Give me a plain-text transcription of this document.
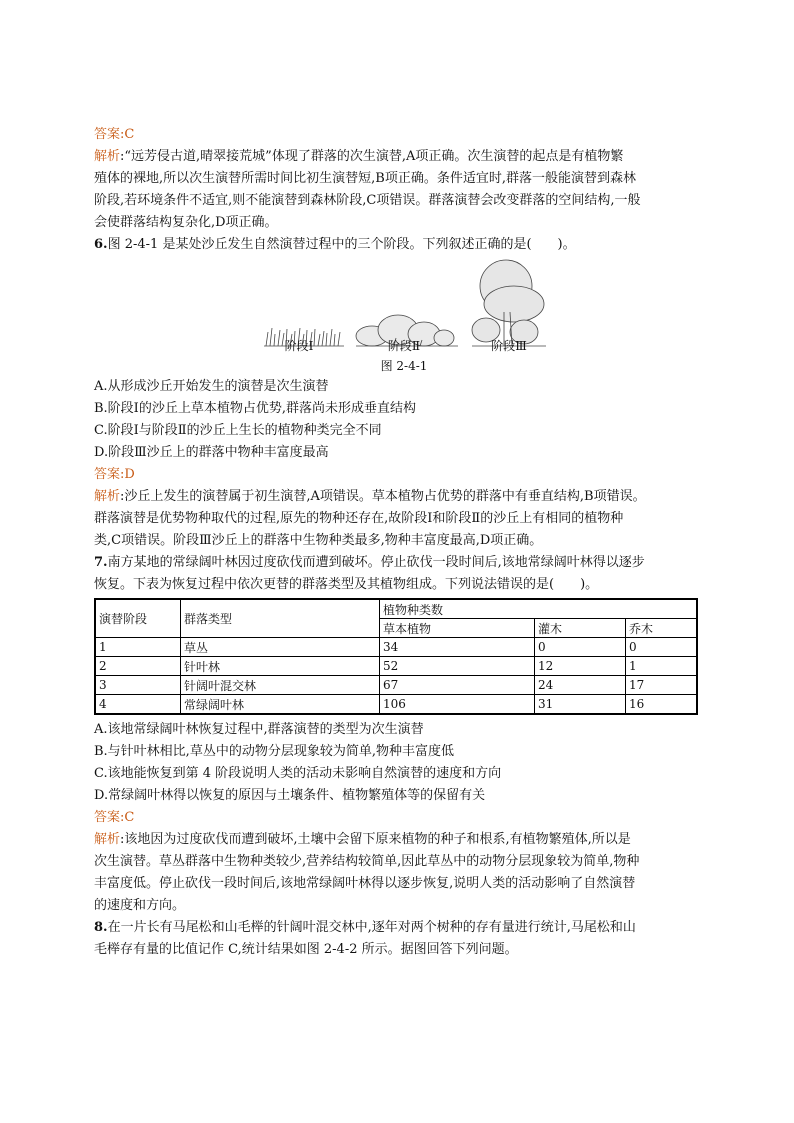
答案:C
解析:“远芳侵古道,晴翠接荒城”体现了群落的次生演替,A项正确。次生演替的起点是有植物繁
殖体的裸地,所以次生演替所需时间比初生演替短,B项正确。条件适宜时,群落一般能演替到森林
阶段,若环境条件不适宜,则不能演替到森林阶段,C项错误。群落演替会改变群落的空间结构,一般
会使群落结构复杂化,D项正确。
6.图 2-4-1 是某处沙丘发生自然演替过程中的三个阶段。下列叙述正确的是(　　)。
阶段Ⅰ	阶段Ⅱ	阶段Ⅲ
图 2-4-1
A.从形成沙丘开始发生的演替是次生演替
B.阶段Ⅰ的沙丘上草本植物占优势,群落尚未形成垂直结构
C.阶段Ⅰ与阶段Ⅱ的沙丘上生长的植物种类完全不同
D.阶段Ⅲ沙丘上的群落中物种丰富度最高
答案:D
解析:沙丘上发生的演替属于初生演替,A项错误。草本植物占优势的群落中有垂直结构,B项错误。
群落演替是优势物种取代的过程,原先的物种还存在,故阶段Ⅰ和阶段Ⅱ的沙丘上有相同的植物种
类,C项错误。阶段Ⅲ沙丘上的群落中生物种类最多,物种丰富度最高,D项正确。
7.南方某地的常绿阔叶林因过度砍伐而遭到破坏。停止砍伐一段时间后,该地常绿阔叶林得以逐步
恢复。下表为恢复过程中依次更替的群落类型及其植物组成。下列说法错误的是(　　)。
演替阶段	群落类型	植物种类数		
		草本植物	灌木	乔木
1	草丛	34	0	0
2	针叶林	52	12	1
3	针阔叶混交林	67	24	17
4	常绿阔叶林	106	31	16
A.该地常绿阔叶林恢复过程中,群落演替的类型为次生演替
B.与针叶林相比,草丛中的动物分层现象较为简单,物种丰富度低
C.该地能恢复到第 4 阶段说明人类的活动未影响自然演替的速度和方向
D.常绿阔叶林得以恢复的原因与土壤条件、植物繁殖体等的保留有关
答案:C
解析:该地因为过度砍伐而遭到破坏,土壤中会留下原来植物的种子和根系,有植物繁殖体,所以是
次生演替。草丛群落中生物种类较少,营养结构较简单,因此草丛中的动物分层现象较为简单,物种
丰富度低。停止砍伐一段时间后,该地常绿阔叶林得以逐步恢复,说明人类的活动影响了自然演替
的速度和方向。
8.在一片长有马尾松和山毛榉的针阔叶混交林中,逐年对两个树种的存有量进行统计,马尾松和山
毛榉存有量的比值记作 C,统计结果如图 2-4-2 所示。据图回答下列问题。
